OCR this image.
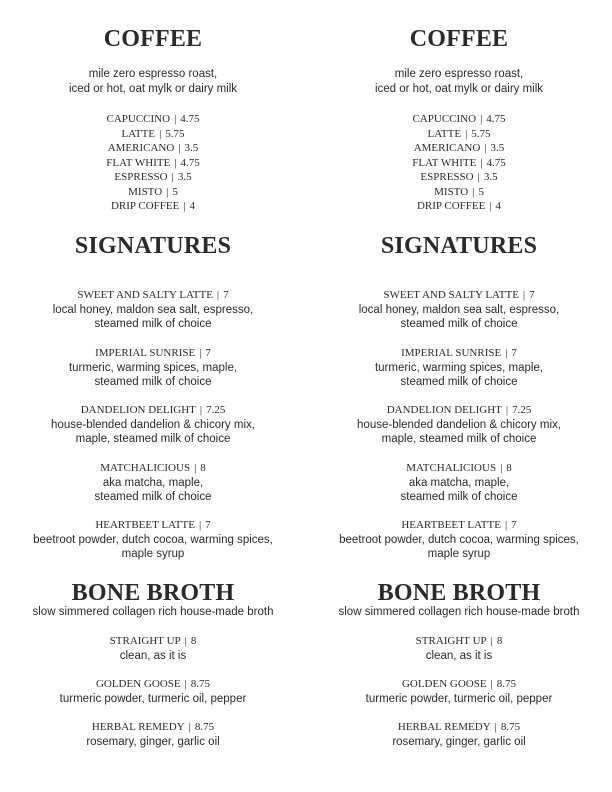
COFFEE

mile zero espresso roast,

iced or hot, oat mylk or dairy milk

CAPUCCINO | 4.75
LATTE | 5.75
AMERICANO | 3.5
FLAT WHITE | 4.75
ESPRESSO | 3.5
MISTO | 5
DRIP COFFEE | 4
SIGNATURES
SWEET AND SALTY LATTE | 7

local honey, maldon sea salt, espresso,

steamed milk of choice

IMPERIAL SUNRISE | 7

turmeric, warming spices, maple,

steamed milk of choice

DANDELION DELIGHT | 7.25

house-blended dandelion & chicory mix,

maple, steamed milk of choice

MATCHALICIOUS | 8

aka matcha, maple,

steamed milk of choice

HEARTBEET LATTE | 7

beetroot powder, dutch cocoa, warming spices,

maple syrup

BONE BROTH

slow simmered collagen rich house-made broth

STRAIGHT UP | 8

clean, as it is

GOLDEN GOOSE | 8.75

turmeric powder, turmeric oil, pepper

HERBAL REMEDY | 8.75

rosemary, ginger, garlic oil

COFFEE

mile zero espresso roast,

iced or hot, oat mylk or dairy milk

CAPUCCINO | 4.75
LATTE | 5.75
AMERICANO | 3.5
FLAT WHITE | 4.75
ESPRESSO | 3.5
MISTO | 5
DRIP COFFEE | 4
SIGNATURES
SWEET AND SALTY LATTE | 7

local honey, maldon sea salt, espresso,

steamed milk of choice

IMPERIAL SUNRISE | 7

turmeric, warming spices, maple,

steamed milk of choice

DANDELION DELIGHT | 7.25

house-blended dandelion & chicory mix,

maple, steamed milk of choice

MATCHALICIOUS | 8

aka matcha, maple,

steamed milk of choice

HEARTBEET LATTE | 7

beetroot powder, dutch cocoa, warming spices,

maple syrup

BONE BROTH

slow simmered collagen rich house-made broth

STRAIGHT UP | 8

clean, as it is

GOLDEN GOOSE | 8.75

turmeric powder, turmeric oil, pepper

HERBAL REMEDY | 8.75

rosemary, ginger, garlic oil
